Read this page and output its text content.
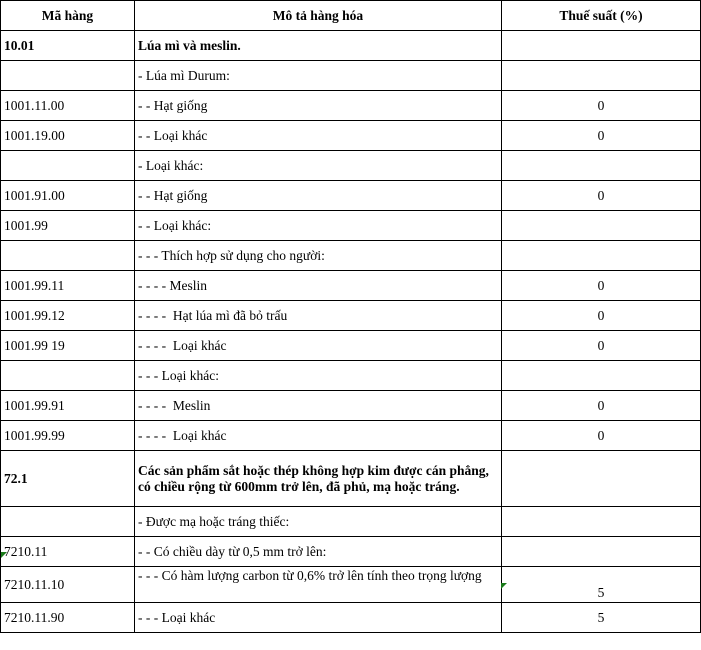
Mã hàng	Mô tả hàng hóa	Thuế suất (%)
10.01	Lúa mì và meslin.	
	- Lúa mì Durum:	
1001.11.00	- - Hạt giống	0
1001.19.00	- - Loại khác	0
	- Loại khác:	
1001.91.00	- - Hạt giống	0
1001.99	- - Loại khác:	
	- - - Thích hợp sử dụng cho người:	
1001.99.11	- - - - Meslin	0
1001.99.12	- - - -  Hạt lúa mì đã bỏ trấu	0
1001.99 19	- - - -  Loại khác	0
	- - - Loại khác:	
1001.99.91	- - - -  Meslin	0
1001.99.99	- - - -  Loại khác	0
72.1	Các sản phẩm sắt hoặc thép không hợp kim được cán phẳng, có chiều rộng từ 600mm trở lên, đã phủ, mạ hoặc tráng.	
	- Được mạ hoặc tráng thiếc:	
7210.11	- - Có chiều dày từ 0,5 mm trở lên:	
7210.11.10	- - - Có hàm lượng carbon từ 0,6% trở lên tính theo trọng lượng	5
7210.11.90	- - - Loại khác	5
